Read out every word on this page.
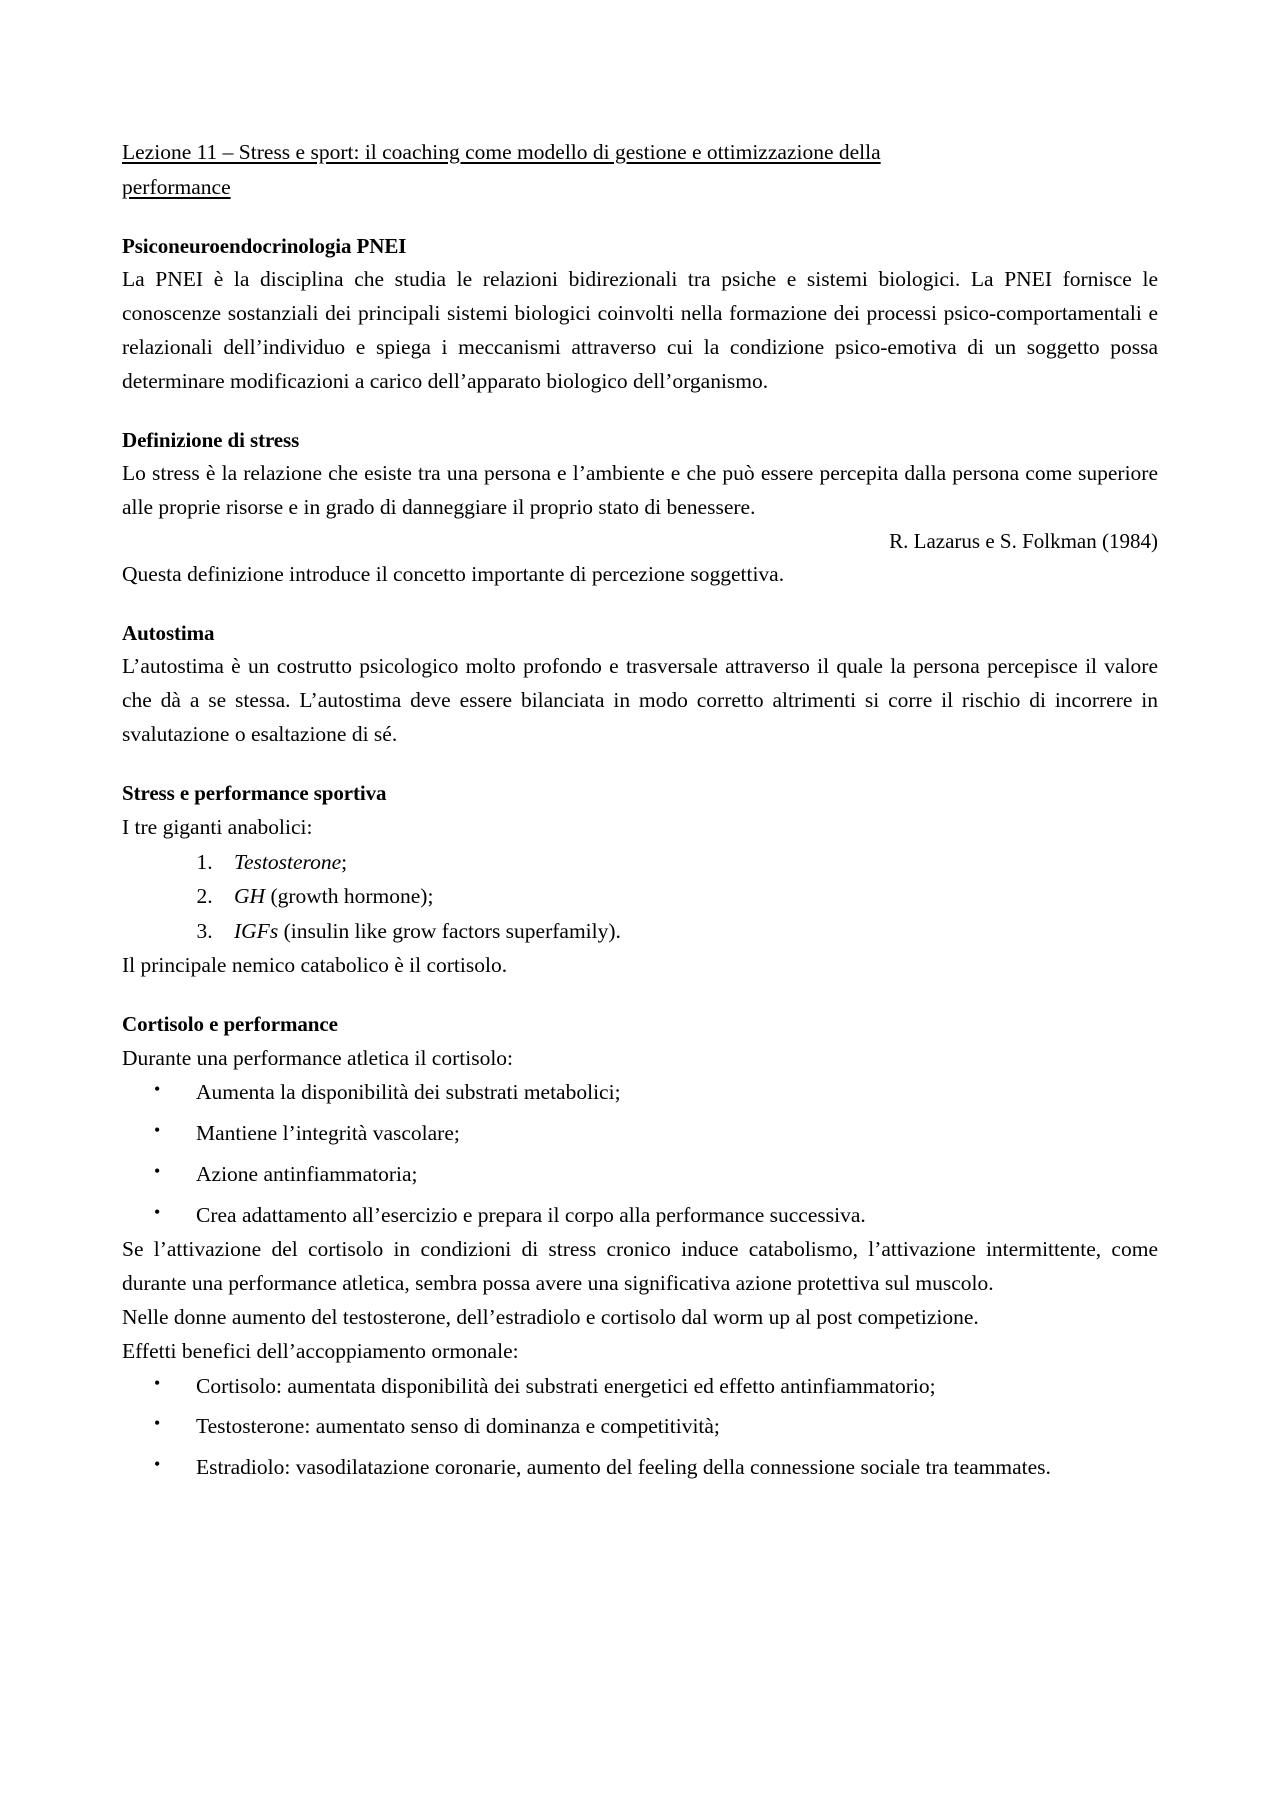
Lezione 11 – Stress e sport: il coaching come modello di gestione e ottimizzazione della
performance
Psiconeuroendocrinologia PNEI

La PNEI è la disciplina che studia le relazioni bidirezionali tra psiche e sistemi biologici. La PNEI fornisce le conoscenze sostanziali dei principali sistemi biologici coinvolti nella formazione dei processi psico-comportamentali e relazionali dell’individuo e spiega i meccanismi attraverso cui la condizione psico-emotiva di un soggetto possa determinare modificazioni a carico dell’apparato biologico dell’organismo.

Definizione di stress

Lo stress è la relazione che esiste tra una persona e l’ambiente e che può essere percepita dalla persona come superiore alle proprie risorse e in grado di danneggiare il proprio stato di benessere.

R. Lazarus e S. Folkman (1984)

Questa definizione introduce il concetto importante di percezione soggettiva.

Autostima

L’autostima è un costrutto psicologico molto profondo e trasversale attraverso il quale la persona percepisce il valore che dà a se stessa. L’autostima deve essere bilanciata in modo corretto altrimenti si corre il rischio di incorrere in svalutazione o esaltazione di sé.

Stress e performance sportiva

I tre giganti anabolici:

1. Testosterone;
2. GH (growth hormone);
3. IGFs (insulin like grow factors superfamily).

Il principale nemico catabolico è il cortisolo.

Cortisolo e performance

Durante una performance atletica il cortisolo:

• Aumenta la disponibilità dei substrati metabolici;
• Mantiene l’integrità vascolare;
• Azione antinfiammatoria;
• Crea adattamento all’esercizio e prepara il corpo alla performance successiva.

Se l’attivazione del cortisolo in condizioni di stress cronico induce catabolismo, l’attivazione intermittente, come durante una performance atletica, sembra possa avere una significativa azione protettiva sul muscolo.

Nelle donne aumento del testosterone, dell’estradiolo e cortisolo dal worm up al post competizione.

Effetti benefici dell’accoppiamento ormonale:

• Cortisolo: aumentata disponibilità dei substrati energetici ed effetto antinfiammatorio;
• Testosterone: aumentato senso di dominanza e competitività;
• Estradiolo: vasodilatazione coronarie, aumento del feeling della connessione sociale tra teammates.
